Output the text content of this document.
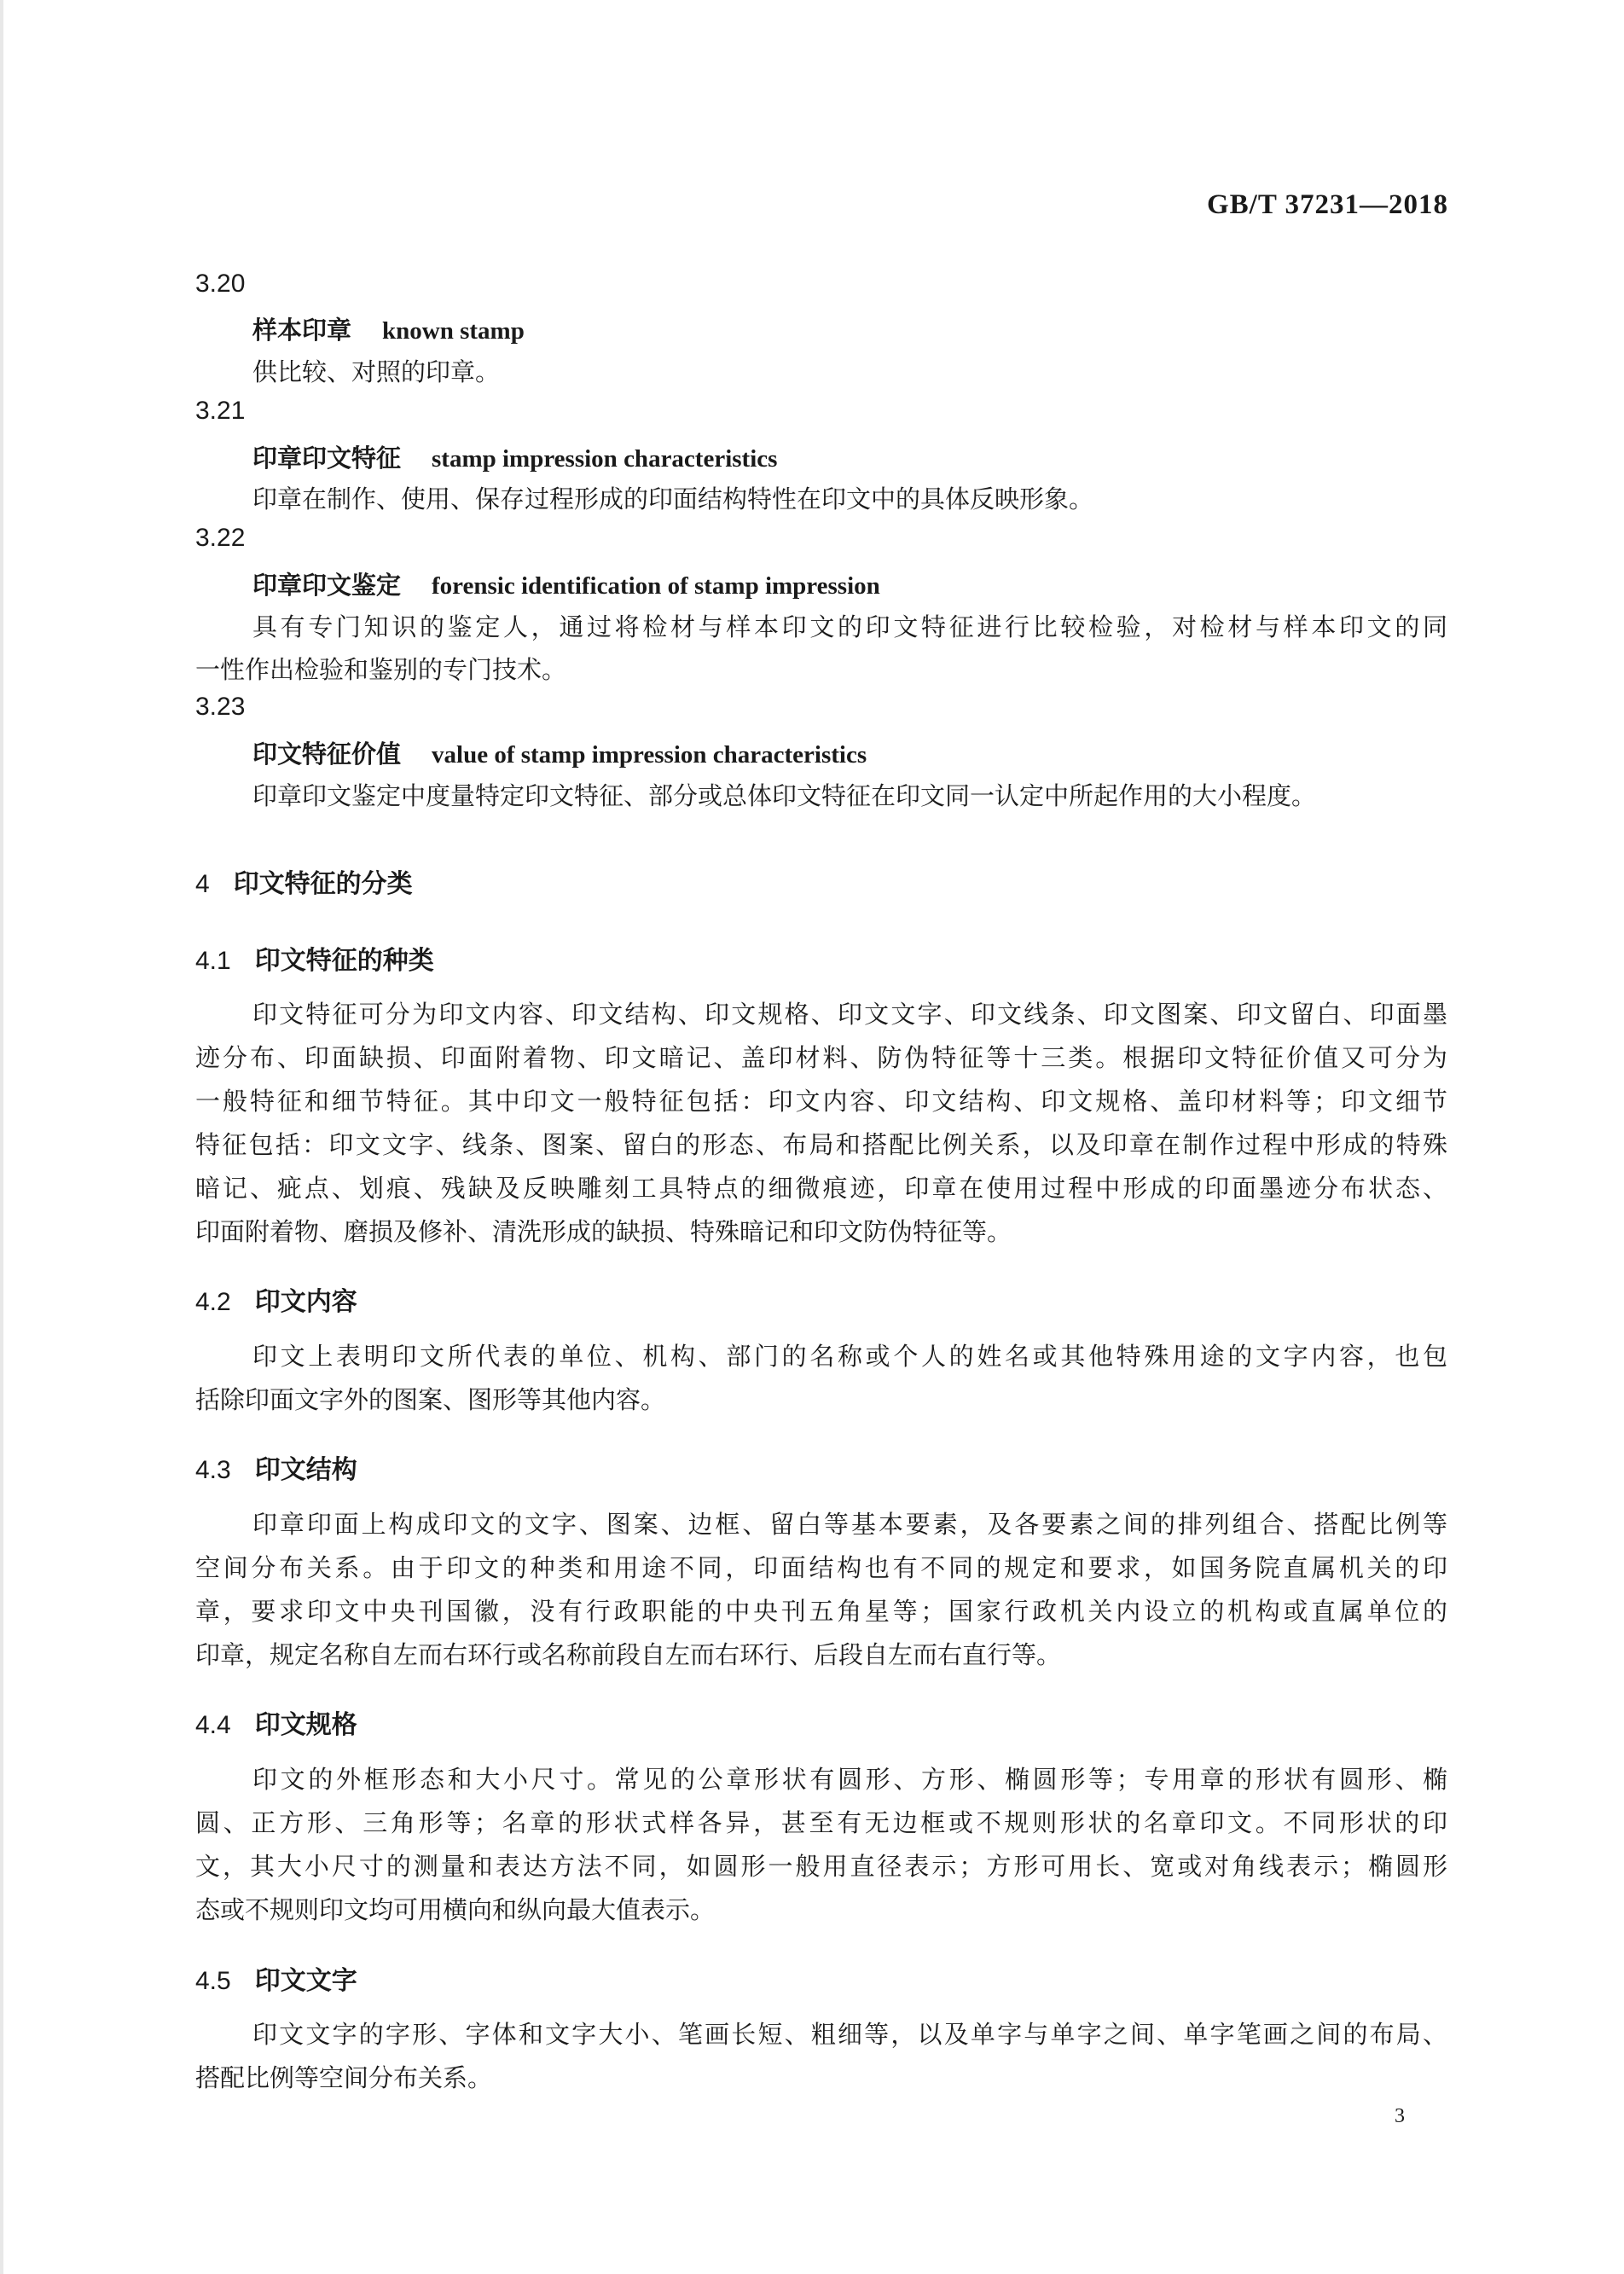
GB/T 37231—2018
3.20
样本印章 known stamp
供比较、对照的印章。
3.21
印章印文特征 stamp impression characteristics
印章在制作、使用、保存过程形成的印面结构特性在印文中的具体反映形象。
3.22
印章印文鉴定 forensic identification of stamp impression
具有专门知识的鉴定人，通过将检材与样本印文的印文特征进行比较检验，对检材与样本印文的同
一性作出检验和鉴别的专门技术。
3.23
印文特征价值 value of stamp impression characteristics
印章印文鉴定中度量特定印文特征、部分或总体印文特征在印文同一认定中所起作用的大小程度。
4 印文特征的分类
4.1 印文特征的种类
印文特征可分为印文内容、印文结构、印文规格、印文文字、印文线条、印文图案、印文留白、印面墨
迹分布、印面缺损、印面附着物、印文暗记、盖印材料、防伪特征等十三类。根据印文特征价值又可分为
一般特征和细节特征。其中印文一般特征包括：印文内容、印文结构、印文规格、盖印材料等；印文细节
特征包括：印文文字、线条、图案、留白的形态、布局和搭配比例关系，以及印章在制作过程中形成的特殊
暗记、疵点、划痕、残缺及反映雕刻工具特点的细微痕迹，印章在使用过程中形成的印面墨迹分布状态、
印面附着物、磨损及修补、清洗形成的缺损、特殊暗记和印文防伪特征等。
4.2 印文内容
印文上表明印文所代表的单位、机构、部门的名称或个人的姓名或其他特殊用途的文字内容，也包
括除印面文字外的图案、图形等其他内容。
4.3 印文结构
印章印面上构成印文的文字、图案、边框、留白等基本要素，及各要素之间的排列组合、搭配比例等
空间分布关系。由于印文的种类和用途不同，印面结构也有不同的规定和要求，如国务院直属机关的印
章，要求印文中央刊国徽，没有行政职能的中央刊五角星等；国家行政机关内设立的机构或直属单位的
印章，规定名称自左而右环行或名称前段自左而右环行、后段自左而右直行等。
4.4 印文规格
印文的外框形态和大小尺寸。常见的公章形状有圆形、方形、椭圆形等；专用章的形状有圆形、椭
圆、正方形、三角形等；名章的形状式样各异，甚至有无边框或不规则形状的名章印文。不同形状的印
文，其大小尺寸的测量和表达方法不同，如圆形一般用直径表示；方形可用长、宽或对角线表示；椭圆形
态或不规则印文均可用横向和纵向最大值表示。
4.5 印文文字
印文文字的字形、字体和文字大小、笔画长短、粗细等，以及单字与单字之间、单字笔画之间的布局、
搭配比例等空间分布关系。
3
